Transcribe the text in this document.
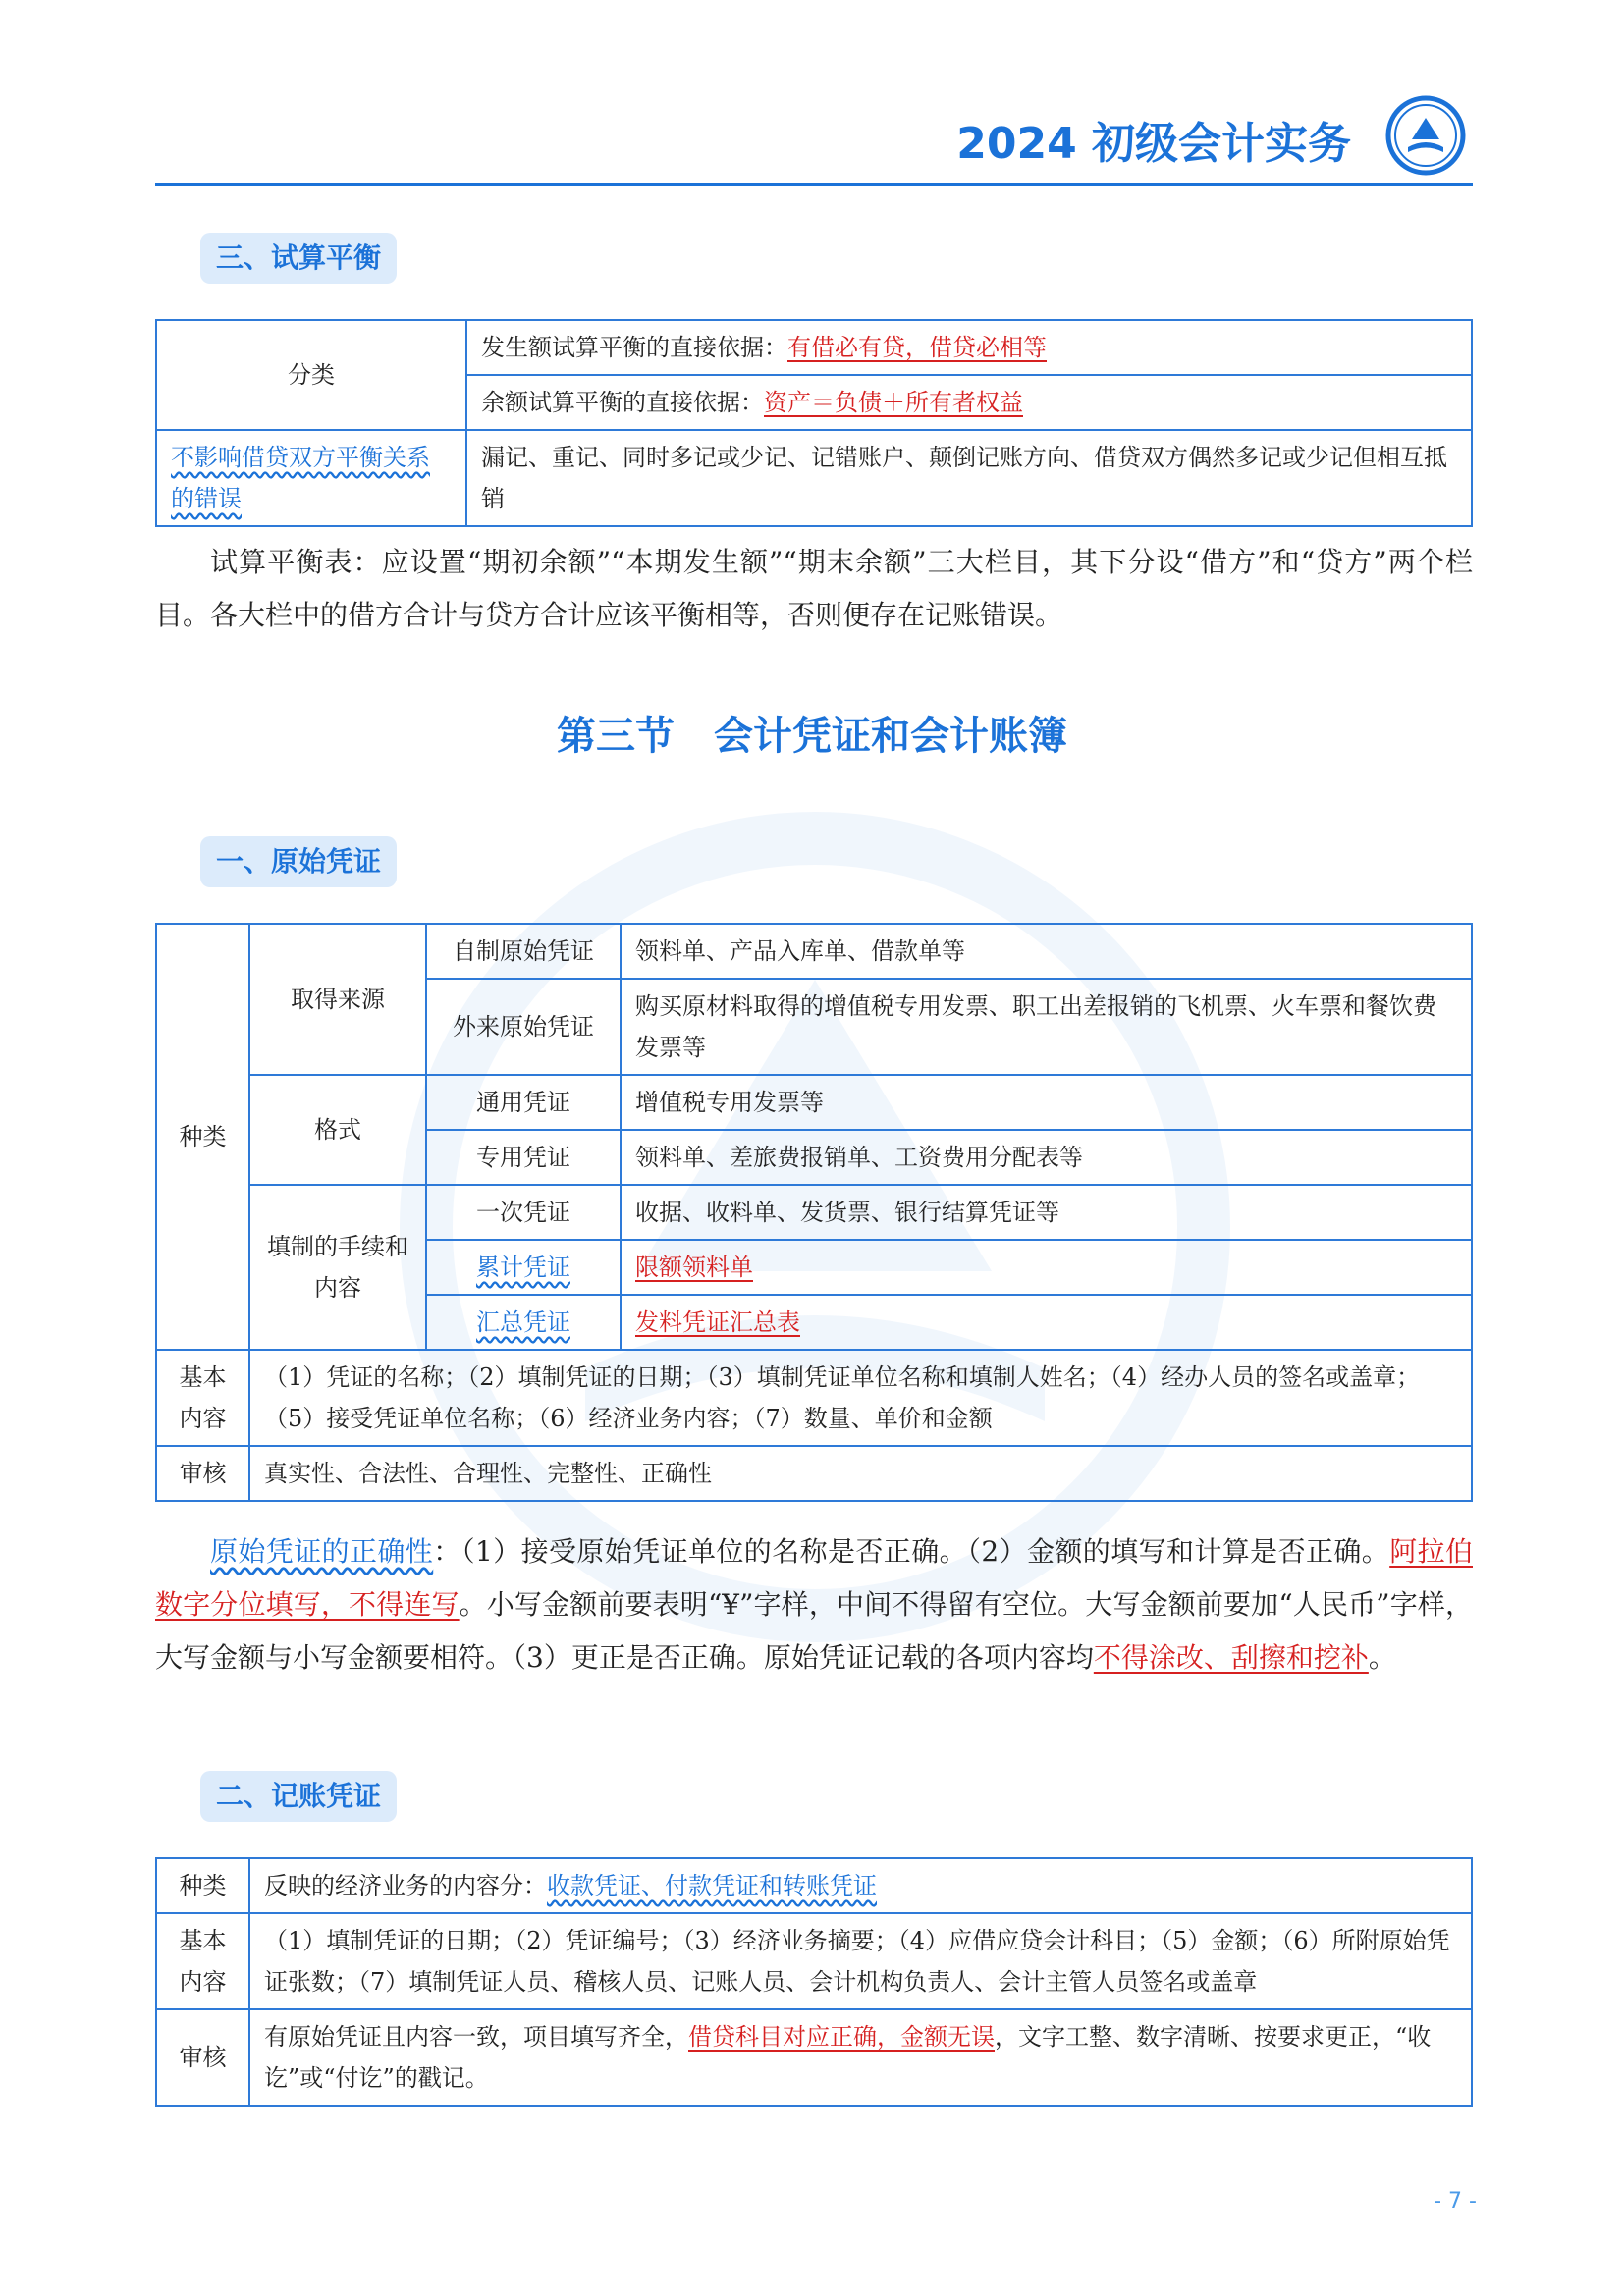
2024 初级会计实务
三、试算平衡
分类	发生额试算平衡的直接依据：有借必有贷，借贷必相等
	余额试算平衡的直接依据：资产＝负债＋所有者权益
不影响借贷双方平衡关系的错误	漏记、重记、同时多记或少记、记错账户、颠倒记账方向、借贷双方偶然多记或少记但相互抵销
试算平衡表：应设置“期初余额”“本期发生额”“期末余额”三大栏目，其下分设“借方”和“贷方”两个栏目。各大栏中的借方合计与贷方合计应该平衡相等，否则便存在记账错误。
第三节　会计凭证和会计账簿
一、原始凭证
种类	取得来源	自制原始凭证	领料单、产品入库单、借款单等
		外来原始凭证	购买原材料取得的增值税专用发票、职工出差报销的飞机票、火车票和餐饮费发票等
	格式	通用凭证	增值税专用发票等
		专用凭证	领料单、差旅费报销单、工资费用分配表等
	填制的手续和内容	一次凭证	收据、收料单、发货票、银行结算凭证等
		累计凭证	限额领料单
		汇总凭证	发料凭证汇总表
基本内容	（1）凭证的名称；（2）填制凭证的日期；（3）填制凭证单位名称和填制人姓名；（4）经办人员的签名或盖章；（5）接受凭证单位名称；（6）经济业务内容；（7）数量、单价和金额		
审核	真实性、合法性、合理性、完整性、正确性		
原始凭证的正确性：（1）接受原始凭证单位的名称是否正确。（2）金额的填写和计算是否正确。阿拉伯数字分位填写，不得连写。小写金额前要表明“¥”字样，中间不得留有空位。大写金额前要加“人民币”字样，大写金额与小写金额要相符。（3）更正是否正确。原始凭证记载的各项内容均不得涂改、刮擦和挖补。
二、记账凭证
种类	反映的经济业务的内容分：收款凭证、付款凭证和转账凭证
基本内容	（1）填制凭证的日期；（2）凭证编号；（3）经济业务摘要；（4）应借应贷会计科目；（5）金额；（6）所附原始凭证张数；（7）填制凭证人员、稽核人员、记账人员、会计机构负责人、会计主管人员签名或盖章
审核	有原始凭证且内容一致，项目填写齐全，借贷科目对应正确，金额无误，文字工整、数字清晰、按要求更正，“收讫”或“付讫”的戳记。
- 7 -
